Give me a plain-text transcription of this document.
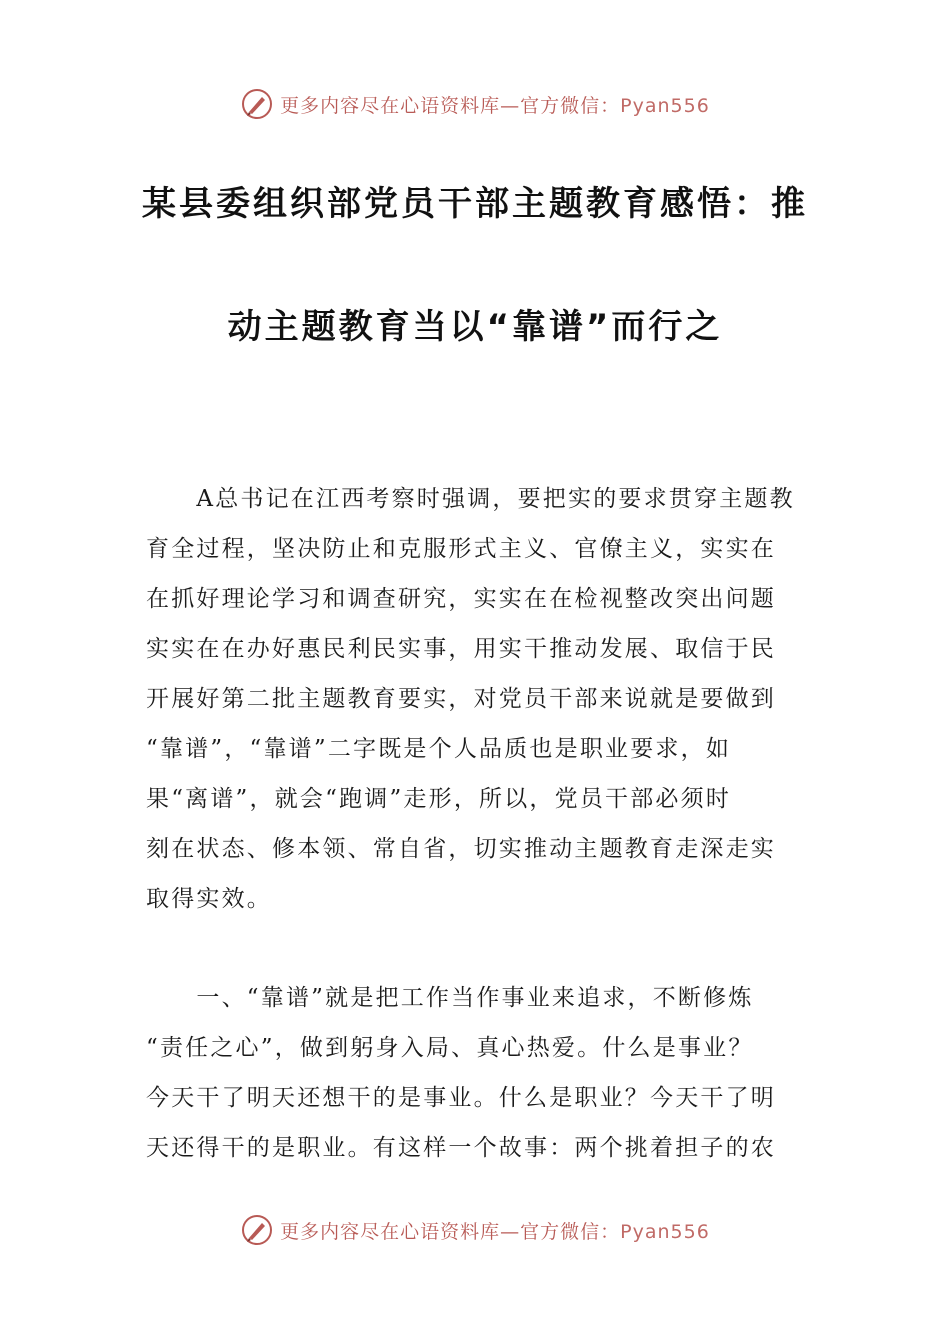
更多内容尽在心语资料库—官方微信：Pyan556
某县委组织部党员干部主题教育感悟：推
动主题教育当以“靠谱”而行之

　　A总书记在江西考察时强调，要把实的要求贯穿主题教
育全过程，坚决防止和克服形式主义、官僚主义，实实在
在抓好理论学习和调查研究，实实在在检视整改突出问题
实实在在办好惠民利民实事，用实干推动发展、取信于民
开展好第二批主题教育要实，对党员干部来说就是要做到
“靠谱”，“靠谱”二字既是个人品质也是职业要求，如
果“离谱”，就会“跑调”走形，所以，党员干部必须时
刻在状态、修本领、常自省，切实推动主题教育走深走实
取得实效。

　　一、“靠谱”就是把工作当作事业来追求，不断修炼
“责任之心”，做到躬身入局、真心热爱。什么是事业？
今天干了明天还想干的是事业。什么是职业？今天干了明
天还得干的是职业。有这样一个故事：两个挑着担子的农

更多内容尽在心语资料库—官方微信：Pyan556
